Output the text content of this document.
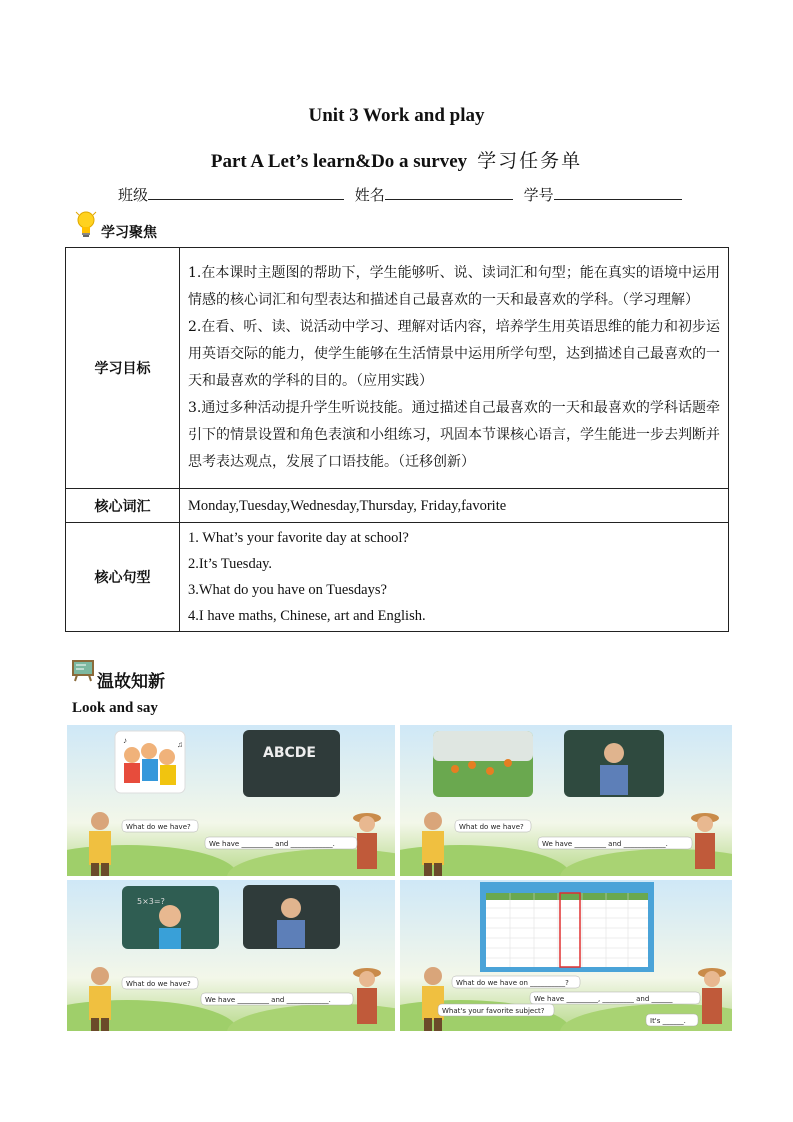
Unit 3 Work and play
Part A Let’s learn&Do a survey 学习任务单
班级	姓名	学号
学习聚焦
学习目标	1.在本课时主题图的帮助下，学生能够听、说、读词汇和句型；能在真实的语境中运用情感的核心词汇和句型表达和描述自己最喜欢的一天和最喜欢的学科。（学习理解）

2.在看、听、读、说活动中学习、理解对话内容，培养学生用英语思维的能力和初步运用英语交际的能力，使学生能够在生活情景中运用所学句型，达到描述自己最喜欢的一天和最喜欢的学科的目的。（应用实践）

3.通过多种活动提升学生听说技能。通过描述自己最喜欢的一天和最喜欢的学科话题牵引下的情景设置和角色表演和小组练习，巩固本节课核心语言，学生能进一步去判断并思考表达观点，发展了口语技能。（迁移创新）

核心词汇	Monday,Tuesday,Wednesday,Thursday, Friday,favorite
核心句型	1. What’s your favorite day at school?
2.It’s Tuesday.
3.What do you have on Tuesdays?
4.I have maths, Chinese, art and English.
温故知新
Look and say
♪	♫
ABCDE
What do we have?
We have _________ and ____________.
What do we have?
We have _________ and ____________.
5×3=?
What do we have?
We have _________ and ____________.
What do we have on __________?
We have _________, _________ and ______
What's your favorite subject?
It's ______.
